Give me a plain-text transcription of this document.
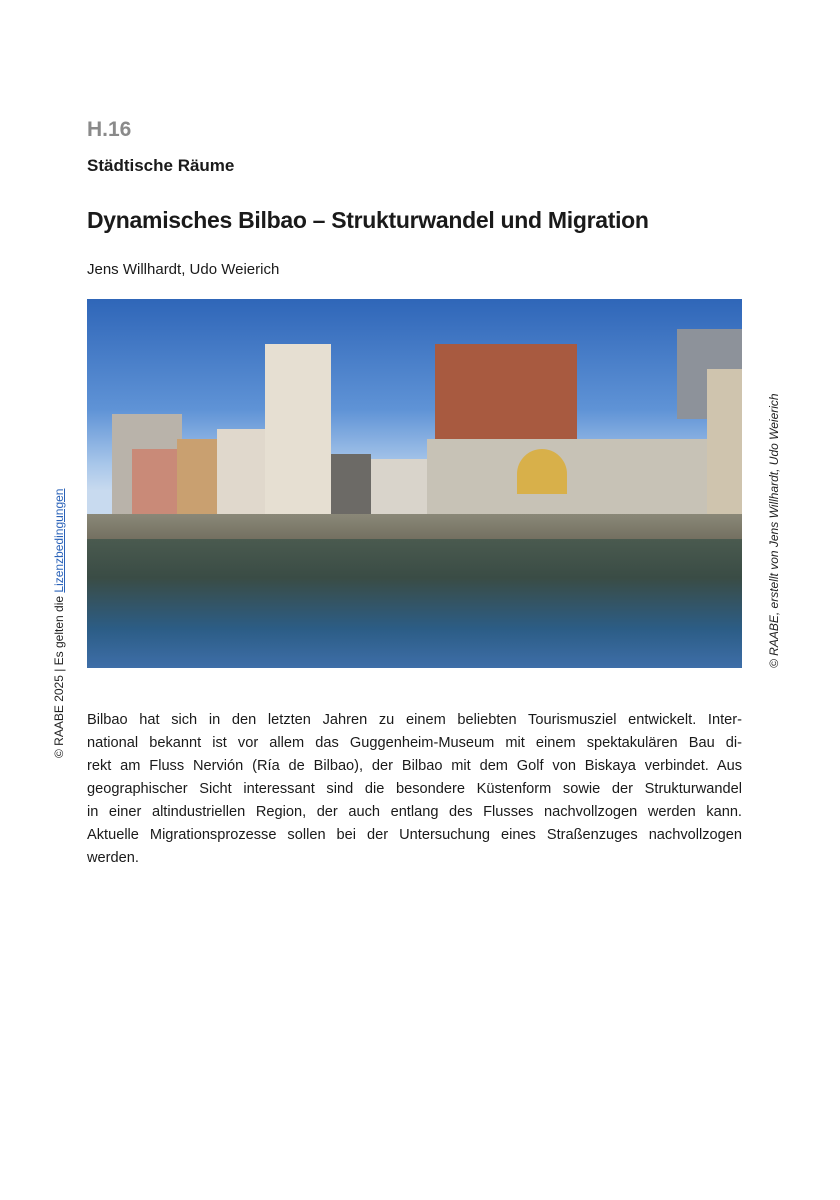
H.16
Städtische Räume
Dynamisches Bilbao – Strukturwandel und Migration
Jens Willhardt, Udo Weierich
© RAABE 2025 | Es gelten die Lizenzbedingungen	© RAABE, erstellt von Jens Willhardt, Udo Weierich
Bilbao hat sich in den letzten Jahren zu einem beliebten Tourismusziel entwickelt. Inter-
national bekannt ist vor allem das Guggenheim-Museum mit einem spektakulären Bau di-
rekt am Fluss Nervión (Ría de Bilbao), der Bilbao mit dem Golf von Biskaya verbindet. Aus
geographischer Sicht interessant sind die besondere Küstenform sowie der Strukturwandel
in einer altindustriellen Region, der auch entlang des Flusses nachvollzogen werden kann.
Aktuelle Migrationsprozesse sollen bei der Untersuchung eines Straßenzuges nachvollzogen
werden.
